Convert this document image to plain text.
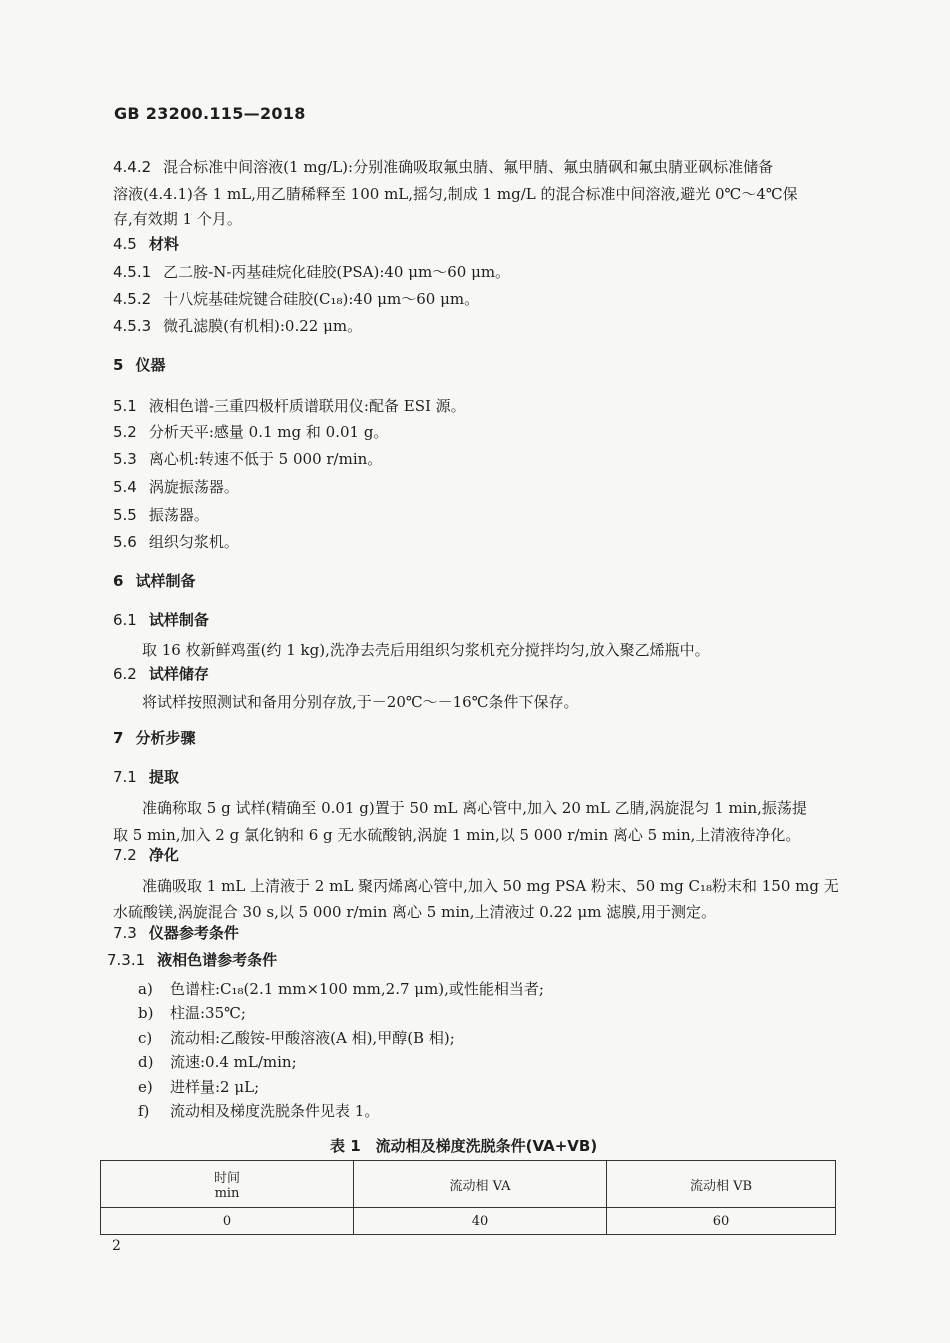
GB 23200.115—2018
4.4.2 混合标准中间溶液(1 mg/L):分别准确吸取氟虫腈、氟甲腈、氟虫腈砜和氟虫腈亚砜标准储备
溶液(4.4.1)各 1 mL,用乙腈稀释至 100 mL,摇匀,制成 1 mg/L 的混合标准中间溶液,避光 0℃～4℃保
存,有效期 1 个月。
4.5 材料
4.5.1 乙二胺-N-丙基硅烷化硅胶(PSA):40 μm～60 μm。
4.5.2 十八烷基硅烷键合硅胶(C₁₈):40 μm～60 μm。
4.5.3 微孔滤膜(有机相):0.22 μm。
5 仪器
5.1 液相色谱-三重四极杆质谱联用仪:配备 ESI 源。
5.2 分析天平:感量 0.1 mg 和 0.01 g。
5.3 离心机:转速不低于 5 000 r/min。
5.4 涡旋振荡器。
5.5 振荡器。
5.6 组织匀浆机。
6 试样制备
6.1 试样制备
取 16 枚新鲜鸡蛋(约 1 kg),洗净去壳后用组织匀浆机充分搅拌均匀,放入聚乙烯瓶中。
6.2 试样储存
将试样按照测试和备用分别存放,于－20℃～－16℃条件下保存。
7 分析步骤
7.1 提取
准确称取 5 g 试样(精确至 0.01 g)置于 50 mL 离心管中,加入 20 mL 乙腈,涡旋混匀 1 min,振荡提
取 5 min,加入 2 g 氯化钠和 6 g 无水硫酸钠,涡旋 1 min,以 5 000 r/min 离心 5 min,上清液待净化。
7.2 净化
准确吸取 1 mL 上清液于 2 mL 聚丙烯离心管中,加入 50 mg PSA 粉末、50 mg C₁₈粉末和 150 mg 无
水硫酸镁,涡旋混合 30 s,以 5 000 r/min 离心 5 min,上清液过 0.22 μm 滤膜,用于测定。
7.3 仪器参考条件
7.3.1 液相色谱参考条件
a) 色谱柱:C₁₈(2.1 mm×100 mm,2.7 μm),或性能相当者;
b) 柱温:35℃;
c) 流动相:乙酸铵-甲酸溶液(A 相),甲醇(B 相);
d) 流速:0.4 mL/min;
e) 进样量:2 μL;
f) 流动相及梯度洗脱条件见表 1。
表 1　流动相及梯度洗脱条件(VA+VB)
时间
min	流动相 VA	流动相 VB
0	40	60
2
